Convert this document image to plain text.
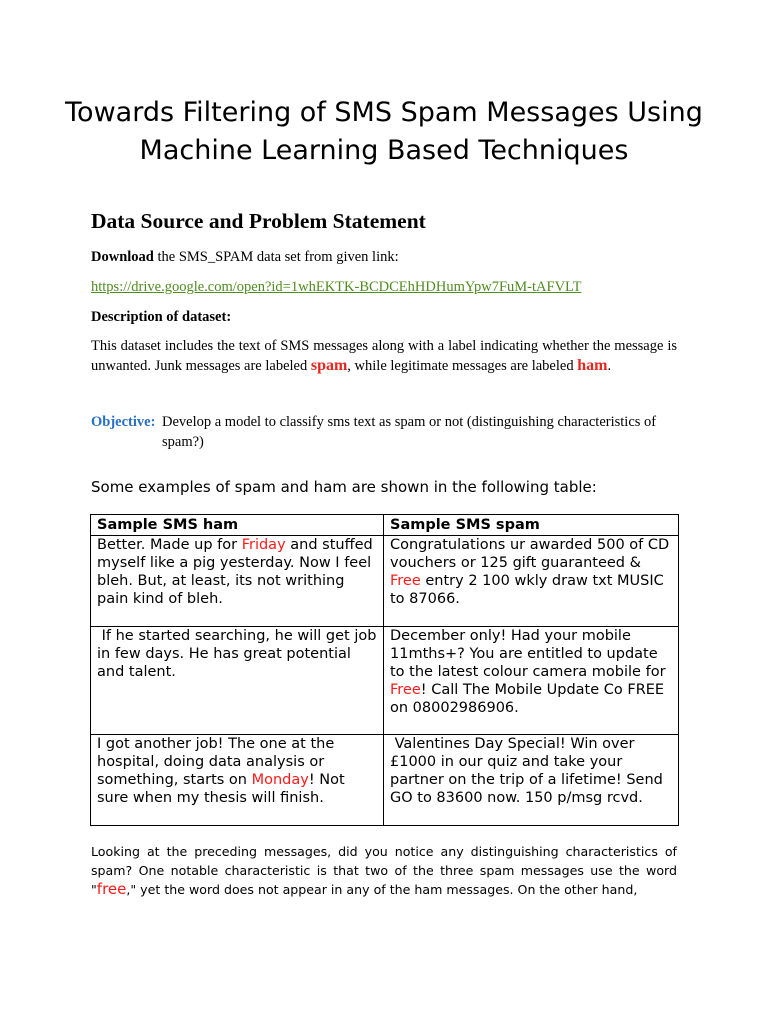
Towards Filtering of SMS Spam Messages Using Machine Learning Based Techniques
Data Source and Problem Statement

Download the SMS_SPAM data set from given link:

https://drive.google.com/open?id=1whEKTK-BCDCEhHDHumYpw7FuM-tAFVLT

Description of dataset:

This dataset includes the text of SMS messages along with a label indicating whether the message is unwanted. Junk messages are labeled spam, while legitimate messages are labeled ham.

Objective: Develop a model to classify sms text as spam or not (distinguishing characteristics of spam?)

Some examples of spam and ham are shown in the following table:

Sample SMS ham	Sample SMS spam
Better. Made up for Friday and stuffed myself like a pig yesterday. Now I feel bleh. But, at least, its not writhing pain kind of bleh.	Congratulations ur awarded 500 of CD vouchers or 125 gift guaranteed & Free entry 2 100 wkly draw txt MUSIC to 87066.
If he started searching, he will get job in few days. He has great potential and talent.	December only! Had your mobile 11mths+? You are entitled to update to the latest colour camera mobile for Free! Call The Mobile Update Co FREE on 08002986906.
I got another job! The one at the hospital, doing data analysis or something, starts on Monday! Not sure when my thesis will finish.	Valentines Day Special! Win over £1000 in our quiz and take your partner on the trip of a lifetime! Send GO to 83600 now. 150 p/msg rcvd.

Looking at the preceding messages, did you notice any distinguishing characteristics of spam? One notable characteristic is that two of the three spam messages use the word "free," yet the word does not appear in any of the ham messages. On the other hand,
